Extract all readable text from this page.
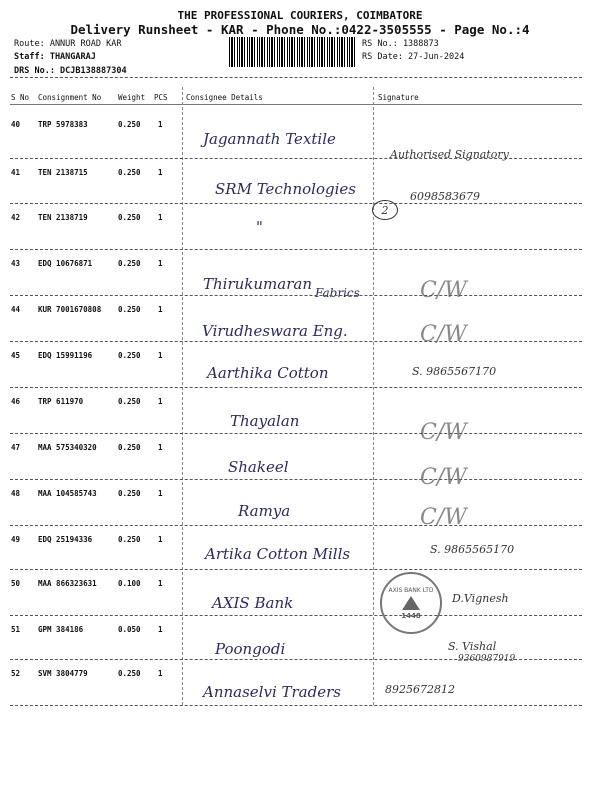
THE PROFESSIONAL COURIERS, COIMBATORE
Delivery Runsheet - KAR - Phone No.:0422-3505555 - Page No.:4
Route: ANNUR ROAD KAR
Staff: THANGARAJ
DRS No.: DCJB138887304
RS No.: 1388873
RS Date: 27-Jun-2024
S No Consignment No Weight PCS Consignee Details	Signature
40 TRP 5978383	0.250 1
Jagannath Textile
Authorised Signatory
41 TEN 2138715	0.250 1
SRM Technologies	6098583679
42 TEN 2138719	0.250 1
"
43 EDQ 10676871	0.250 1
Thirukumaran Fabrics	C/W
44 KUR 7001670808 0.250 1
Virudheswara Eng.	C/W
45 EDQ 15991196	0.250 1
Aarthika Cotton	S. 9865567170
46 TRP 611970	0.250 1
Thayalan	C/W
47 MAA 575340320	0.250 1
Shakeel	C/W
48 MAA 104585743	0.250 1
Ramya	C/W
49 EDQ 25194336	0.250 1
Artika Cotton Mills	S. 9865565170
50 MAA 866323631	0.100 1
AXIS Bank	D.Vignesh
51 GPM 384186	0.050 1
Poongodi	S. Vishal
9360987919
52 SVM 3804779	0.250 1
Annaselvi Traders	8925672812
2
AXIS BANK LTD
1448
